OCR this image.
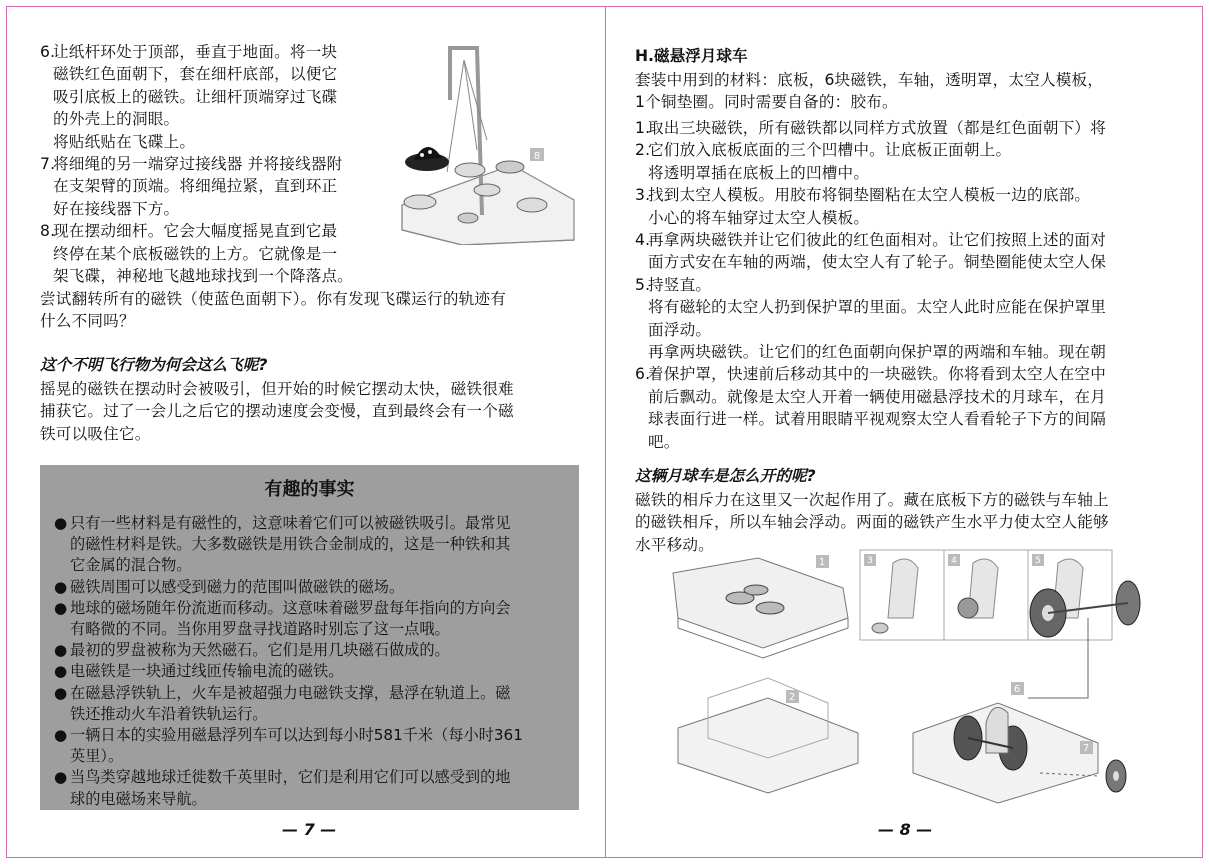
6.
让纸杆环处于顶部，垂直于地面。将一块
磁铁红色面朝下，套在细杆底部，以便它
吸引底板上的磁铁。让细杆顶端穿过飞碟
的外壳上的洞眼。
将贴纸贴在飞碟上。
7.
将细绳的另一端穿过接线器 并将接线器附
在支架臂的顶端。将细绳拉紧，直到环正
好在接线器下方。
8.
现在摆动细杆。它会大幅度摇晃直到它最
终停在某个底板磁铁的上方。它就像是一
架飞碟，神秘地飞越地球找到一个降落点。
8
尝试翻转所有的磁铁（使蓝色面朝下）。你有发现飞碟运行的轨迹有
什么不同吗？
这个不明飞行物为何会这么飞呢?
摇晃的磁铁在摆动时会被吸引，但开始的时候它摆动太快，磁铁很难
捕获它。过了一会儿之后它的摆动速度会变慢，直到最终会有一个磁
铁可以吸住它。
有趣的事实
● 只有一些材料是有磁性的，这意味着它们可以被磁铁吸引。最常见
的磁性材料是铁。大多数磁铁是用铁合金制成的，这是一种铁和其
它金属的混合物。
● 磁铁周围可以感受到磁力的范围叫做磁铁的磁场。
● 地球的磁场随年份流逝而移动。这意味着磁罗盘每年指向的方向会
有略微的不同。当你用罗盘寻找道路时别忘了这一点哦。
● 最初的罗盘被称为天然磁石。它们是用几块磁石做成的。
● 电磁铁是一块通过线匝传输电流的磁铁。
● 在磁悬浮铁轨上，火车是被超强力电磁铁支撑，悬浮在轨道上。磁
铁还推动火车沿着铁轨运行。
● 一辆日本的实验用磁悬浮列车可以达到每小时581千米（每小时361
英里）。
● 当鸟类穿越地球迁徙数千英里时，它们是利用它们可以感受到的地
球的电磁场来导航。
— 7 —
H.磁悬浮月球车
套装中用到的材料：底板，6块磁铁，车轴，透明罩，太空人模板，
1个铜垫圈。同时需要自备的：胶布。
1.
取出三块磁铁，所有磁铁都以同样方式放置（都是红色面朝下）将
2.
它们放入底板底面的三个凹槽中。让底板正面朝上。
将透明罩插在底板上的凹槽中。
3.
找到太空人模板。用胶布将铜垫圈粘在太空人模板一边的底部。
小心的将车轴穿过太空人模板。
4.
再拿两块磁铁并让它们彼此的红色面相对。让它们按照上述的面对
面方式安在车轴的两端，使太空人有了轮子。铜垫圈能使太空人保
5.
持竖直。
将有磁轮的太空人扔到保护罩的里面。太空人此时应能在保护罩里
面浮动。
再拿两块磁铁。让它们的红色面朝向保护罩的两端和车轴。现在朝
6.
着保护罩，快速前后移动其中的一块磁铁。你将看到太空人在空中
前后飘动。就像是太空人开着一辆使用磁悬浮技术的月球车，在月
球表面行进一样。试着用眼睛平视观察太空人看看轮子下方的间隔
吧。
这辆月球车是怎么开的呢?
磁铁的相斥力在这里又一次起作用了。藏在底板下方的磁铁与车轴上
的磁铁相斥，所以车轴会浮动。两面的磁铁产生水平力使太空人能够
水平移动。
1	3	4	5
2
6
7
— 8 —
